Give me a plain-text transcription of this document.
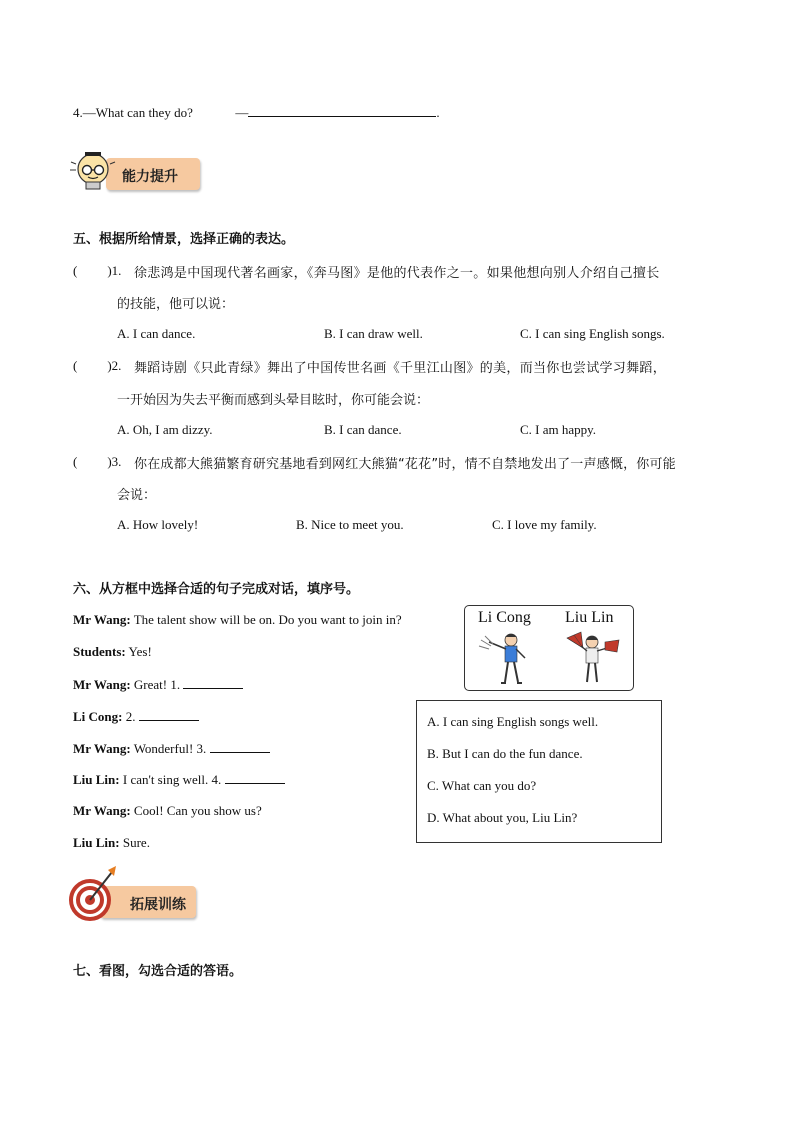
4.—What can they do?	—	.
能力提升
五、根据所给情景，选择正确的表达。
( )1. 徐悲鸿是中国现代著名画家，《奔马图》是他的代表作之一。如果他想向别人介绍自己擅长
的技能，他可以说：
A. I can dance.	B. I can draw well.	C. I can sing English songs.
( )2. 舞蹈诗剧《只此青绿》舞出了中国传世名画《千里江山图》的美，而当你也尝试学习舞蹈，
一开始因为失去平衡而感到头晕目眩时，你可能会说：
A. Oh, I am dizzy.	B. I can dance.	C. I am happy.
( )3. 你在成都大熊猫繁育研究基地看到网红大熊猫“花花”时，情不自禁地发出了一声感慨，你可能
会说：
A. How lovely!	B. Nice to meet you.	C. I love my family.
六、从方框中选择合适的句子完成对话，填序号。
Mr Wang: The talent show will be on. Do you want to join in?
Students: Yes!
Mr Wang: Great! 1.
Li Cong: 2.
Mr Wang: Wonderful! 3.
Liu Lin: I can't sing well. 4.
Mr Wang: Cool! Can you show us?
Liu Lin: Sure.
Li Cong Liu Lin
A. I can sing English songs well.
B. But I can do the fun dance.
C. What can you do?
D. What about you, Liu Lin?
拓展训练
七、看图，勾选合适的答语。
